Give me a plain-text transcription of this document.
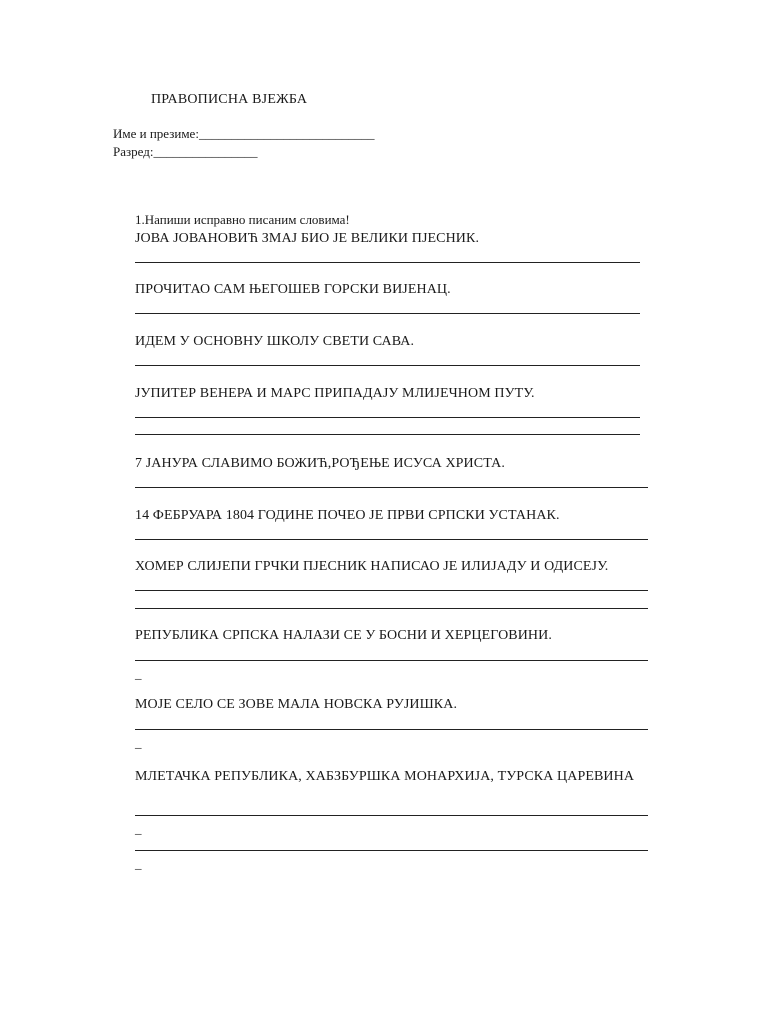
ПРАВОПИСНА ВЈЕЖБА
Име и презиме:___________________________
Разред:________________
1.Напиши исправно писаним словима!
ЈОВА ЈОВАНОВИЋ ЗМАЈ БИО ЈЕ ВЕЛИКИ ПЈЕСНИК.
ПРОЧИТАО САМ ЊЕГОШЕВ ГОРСКИ ВИЈЕНАЦ.
ИДЕМ У ОСНОВНУ ШКОЛУ СВЕТИ САВА.
ЈУПИТЕР ВЕНЕРА И МАРС ПРИПАДАЈУ МЛИЈЕЧНОМ ПУТУ.
7 ЈАНУРА СЛАВИМО БОЖИЋ,РОЂЕЊЕ ИСУСА ХРИСТА.
14 ФЕБРУАРА 1804 ГОДИНЕ ПОЧЕО ЈЕ ПРВИ СРПСКИ УСТАНАК.
ХОМЕР СЛИЈЕПИ ГРЧКИ ПЈЕСНИК НАПИСАО ЈЕ ИЛИЈАДУ И ОДИСЕЈУ.
РЕПУБЛИКА СРПСКА НАЛАЗИ СЕ У БОСНИ И ХЕРЦЕГОВИНИ.
_
МОЈЕ СЕЛО СЕ ЗОВЕ МАЛА НОВСКА РУЈИШКА.
_
МЛЕТАЧКА РЕПУБЛИКА, ХАБЗБУРШКА МОНАРХИЈА, ТУРСКА ЦАРЕВИНА
_
_
